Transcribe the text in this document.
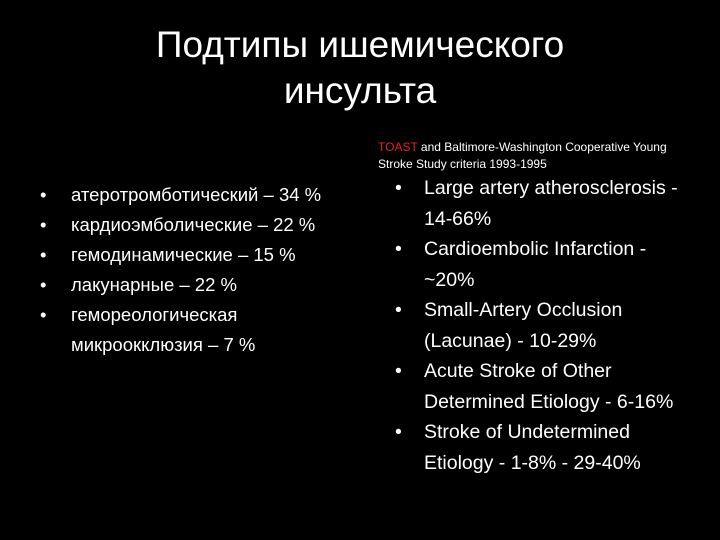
Подтипы ишемического
инсульта
TOAST and Baltimore-Washington Cooperative Young
Stroke Study criteria 1993-1995
• атеротромботический – 34 %
• кардиоэмболические – 22 %
• гемодинамические – 15 %
• лакунарные – 22 %
• гемореологическая микроокклюзия – 7 %
• Large artery atherosclerosis - 14-66%
• Cardioembolic Infarction - ~20%
• Small-Artery Occlusion (Lacunae) - 10-29%
• Acute Stroke of Other Determined Etiology - 6-16%
• Stroke of Undetermined Etiology - 1-8% - 29-40%
